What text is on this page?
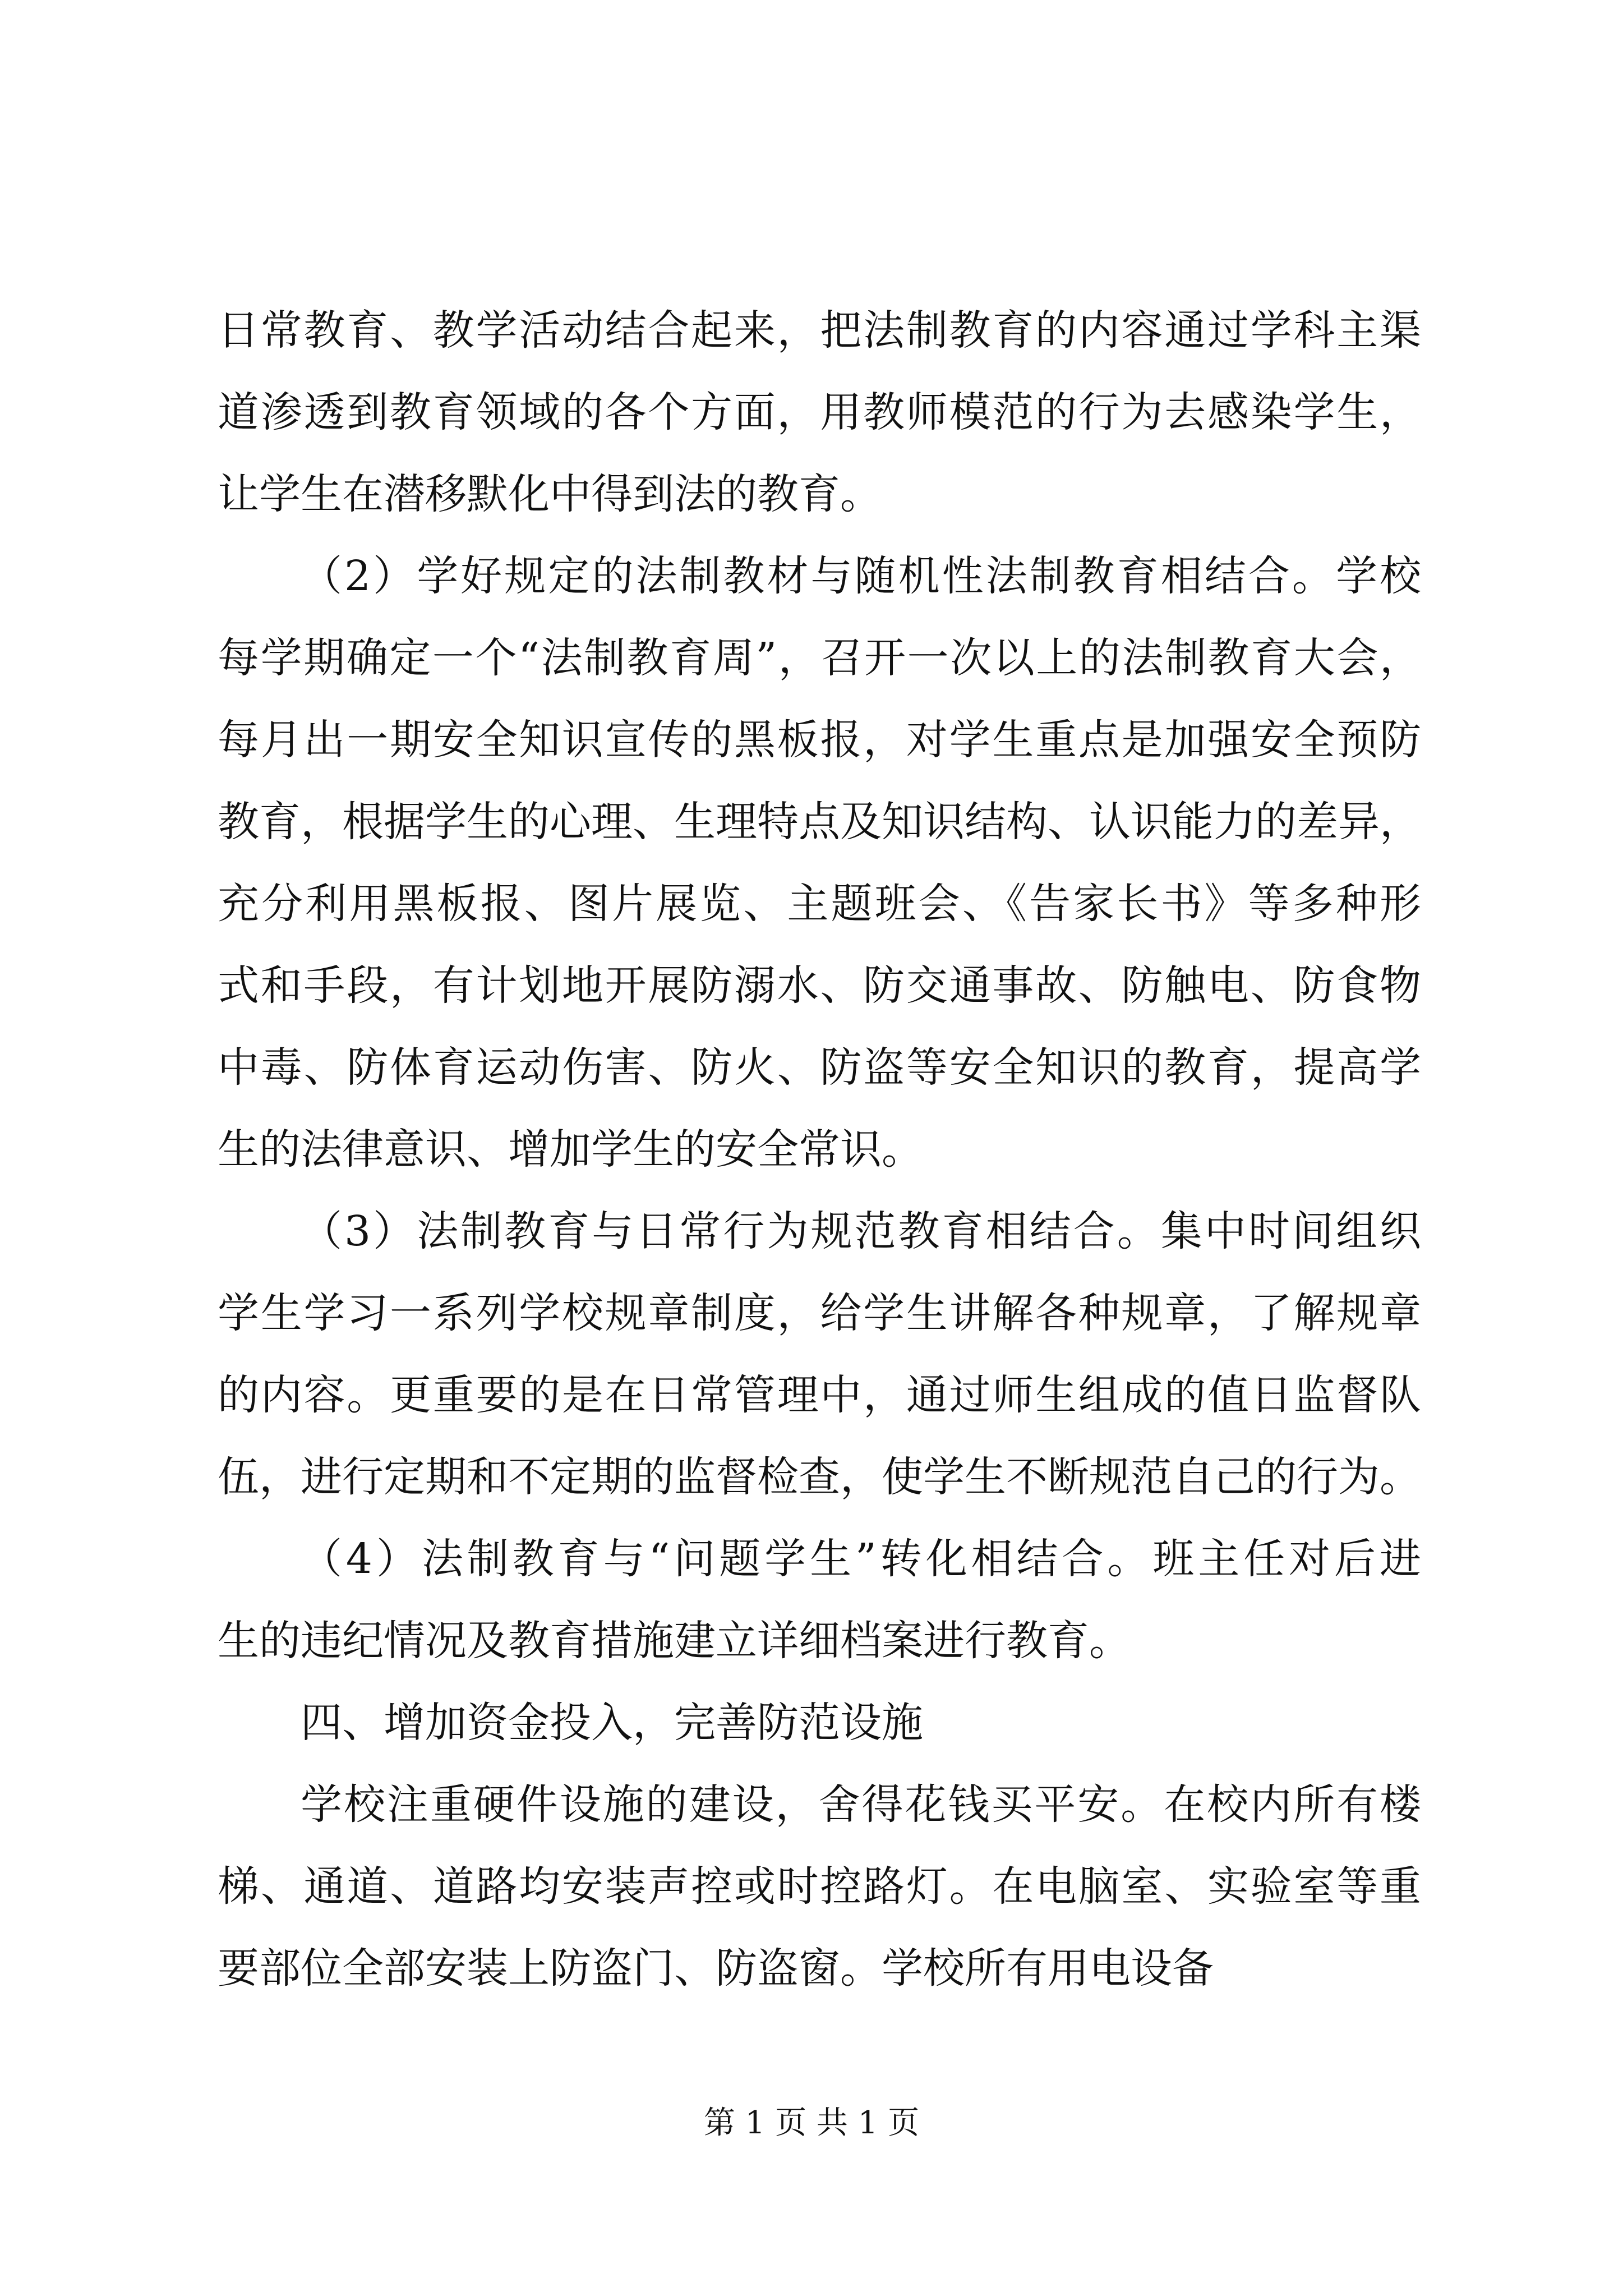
日常教育、教学活动结合起来，把法制教育的内容通过学科主渠
道渗透到教育领域的各个方面，用教师模范的行为去感染学生，
让学生在潜移默化中得到法的教育。
（2）学好规定的法制教材与随机性法制教育相结合。学校
每学期确定一个“法制教育周”，召开一次以上的法制教育大会，
每月出一期安全知识宣传的黑板报，对学生重点是加强安全预防
教育，根据学生的心理、生理特点及知识结构、认识能力的差异，
充分利用黑板报、图片展览、主题班会、《告家长书》等多种形
式和手段，有计划地开展防溺水、防交通事故、防触电、防食物
中毒、防体育运动伤害、防火、防盗等安全知识的教育，提高学
生的法律意识、增加学生的安全常识。
（3）法制教育与日常行为规范教育相结合。集中时间组织
学生学习一系列学校规章制度，给学生讲解各种规章，了解规章
的内容。更重要的是在日常管理中，通过师生组成的值日监督队
伍，进行定期和不定期的监督检查，使学生不断规范自己的行为。
（4）法制教育与“问题学生”转化相结合。班主任对后进
生的违纪情况及教育措施建立详细档案进行教育。
四、增加资金投入，完善防范设施
学校注重硬件设施的建设，舍得花钱买平安。在校内所有楼
梯、通道、道路均安装声控或时控路灯。在电脑室、实验室等重
要部位全部安装上防盗门、防盗窗。学校所有用电设备
第 1 页 共 1 页
